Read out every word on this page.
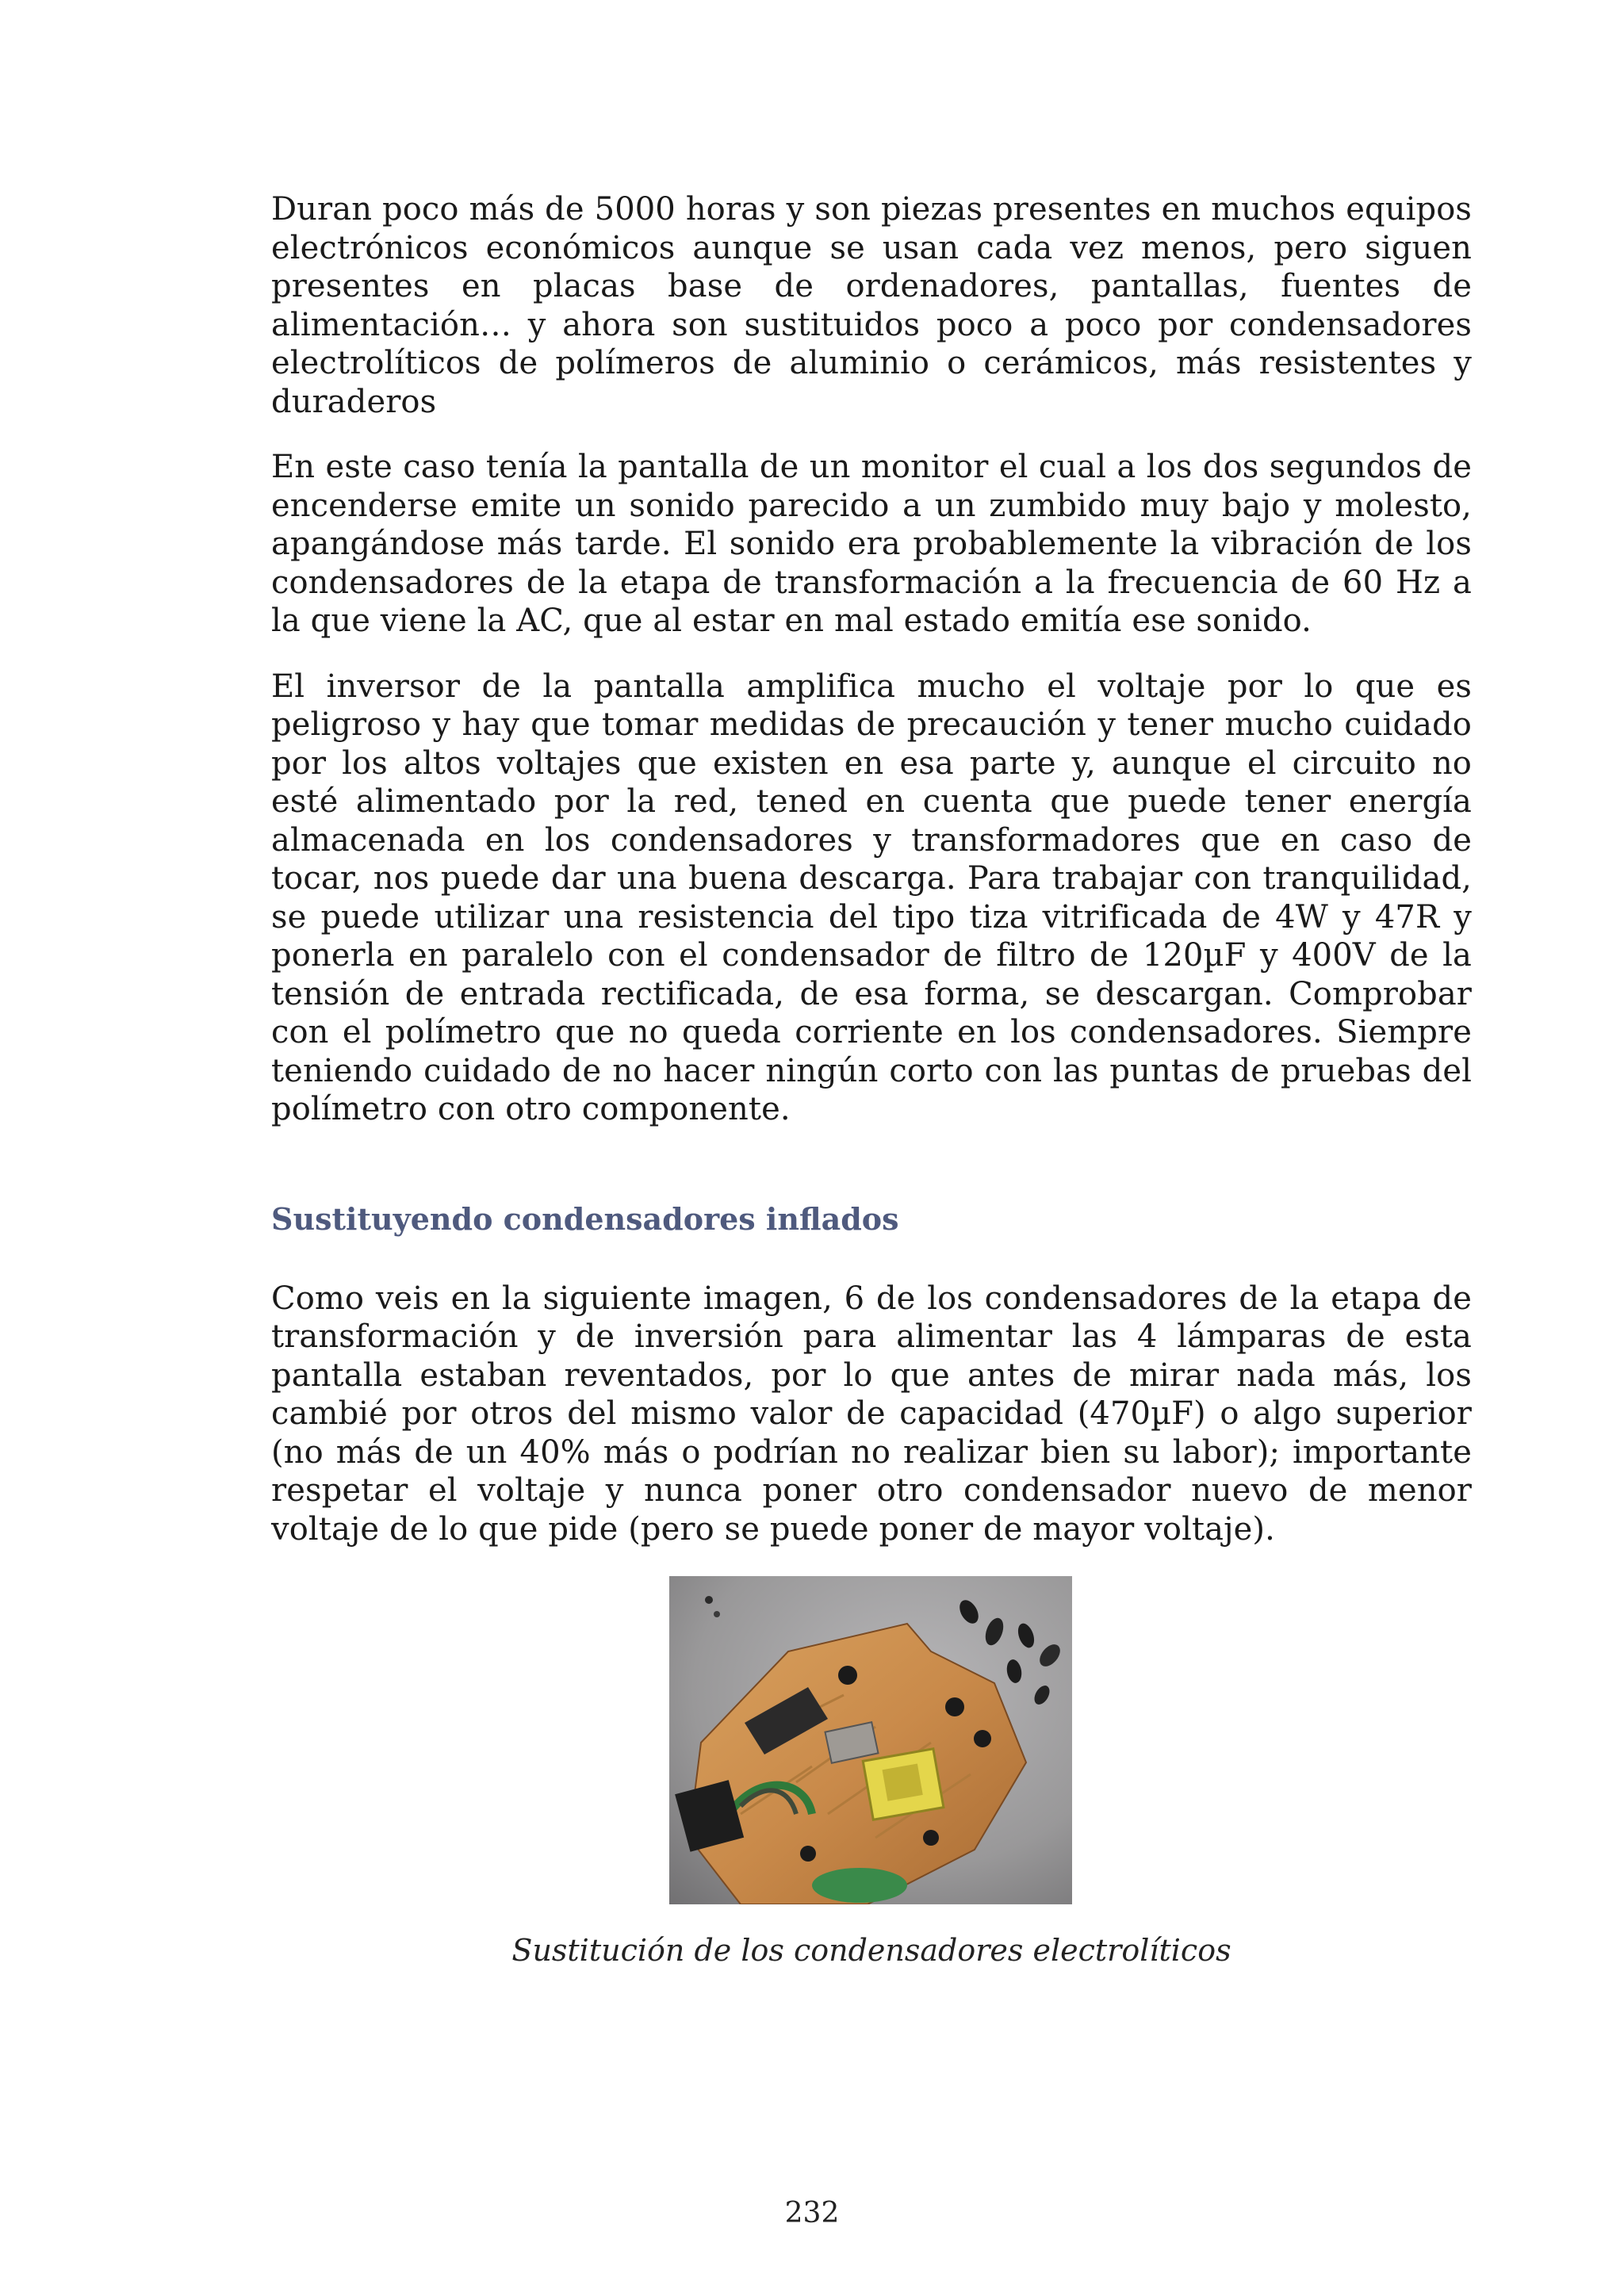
Duran poco más de 5000 horas y son piezas presentes en muchos equipos electrónicos económicos aunque se usan cada vez menos, pero siguen presentes en placas base de ordenadores, pantallas, fuentes de alimentación… y ahora son sustituidos poco a poco por condensadores electrolíticos de polímeros de aluminio o cerámicos, más resistentes y duraderos

En este caso tenía la pantalla de un monitor el cual a los dos segundos de encenderse emite un sonido parecido a un zumbido muy bajo y molesto, apangándose más tarde. El sonido era probablemente la vibración de los condensadores de la etapa de transformación a la frecuencia de 60 Hz a la que viene la AC, que al estar en mal estado emitía ese sonido.

El inversor de la pantalla amplifica mucho el voltaje por lo que es peligroso y hay que tomar medidas de precaución y tener mucho cuidado por los altos voltajes que existen en esa parte y, aunque el circuito no esté alimentado por la red, tened en cuenta que puede tener energía almacenada en los condensadores y transformadores que en caso de tocar, nos puede dar una buena descarga. Para trabajar con tranquilidad, se puede utilizar una resistencia del tipo tiza vitrificada de 4W y 47R y ponerla en paralelo con el condensador de filtro de 120µF y 400V de la tensión de entrada rectificada, de esa forma, se descargan. Comprobar con el polímetro que no queda corriente en los condensadores. Siempre teniendo cuidado de no hacer ningún corto con las puntas de pruebas del polímetro con otro componente.

Sustituyendo condensadores inflados

Como veis en la siguiente imagen, 6 de los condensadores de la etapa de transformación y de inversión para alimentar las 4 lámparas de esta pantalla estaban reventados, por lo que antes de mirar nada más, los cambié por otros del mismo valor de capacidad (470µF) o algo superior (no más de un 40% más o podrían no realizar bien su labor); importante respetar el voltaje y nunca poner otro condensador nuevo de menor voltaje de lo que pide (pero se puede poner de mayor voltaje).

Sustitución de los condensadores electrolíticos
232
